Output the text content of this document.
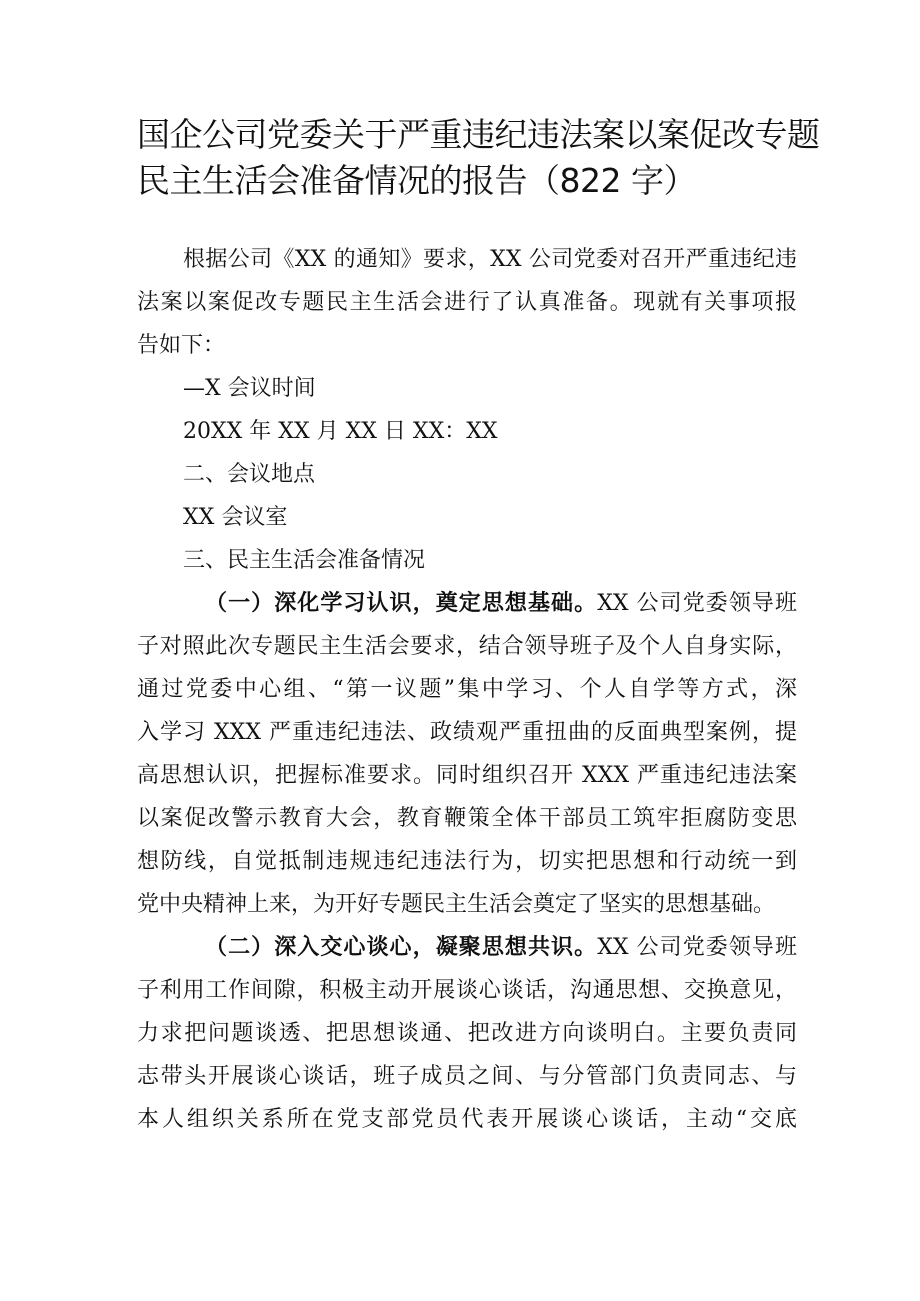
国企公司党委关于严重违纪违法案以案促改专题
民主生活会准备情况的报告（822 字）
根据公司《XX 的通知》要求，XX 公司党委对召开严重违纪违
法案以案促改专题民主生活会进行了认真准备。现就有关事项报
告如下：
—X 会议时间
20XX 年 XX 月 XX 日 XX：XX
二、会议地点
XX 会议室
三、民主生活会准备情况
（一）深化学习认识，奠定思想基础。XX 公司党委领导班
子对照此次专题民主生活会要求，结合领导班子及个人自身实际，
通过党委中心组、“第一议题”集中学习、个人自学等方式，深
入学习 XXX 严重违纪违法、政绩观严重扭曲的反面典型案例，提
高思想认识，把握标准要求。同时组织召开 XXX 严重违纪违法案
以案促改警示教育大会，教育鞭策全体干部员工筑牢拒腐防变思
想防线，自觉抵制违规违纪违法行为，切实把思想和行动统一到
党中央精神上来，为开好专题民主生活会奠定了坚实的思想基础。
（二）深入交心谈心，凝聚思想共识。XX 公司党委领导班
子利用工作间隙，积极主动开展谈心谈话，沟通思想、交换意见，
力求把问题谈透、把思想谈通、把改进方向谈明白。主要负责同
志带头开展谈心谈话，班子成员之间、与分管部门负责同志、与
本人组织关系所在党支部党员代表开展谈心谈话，主动“交底
